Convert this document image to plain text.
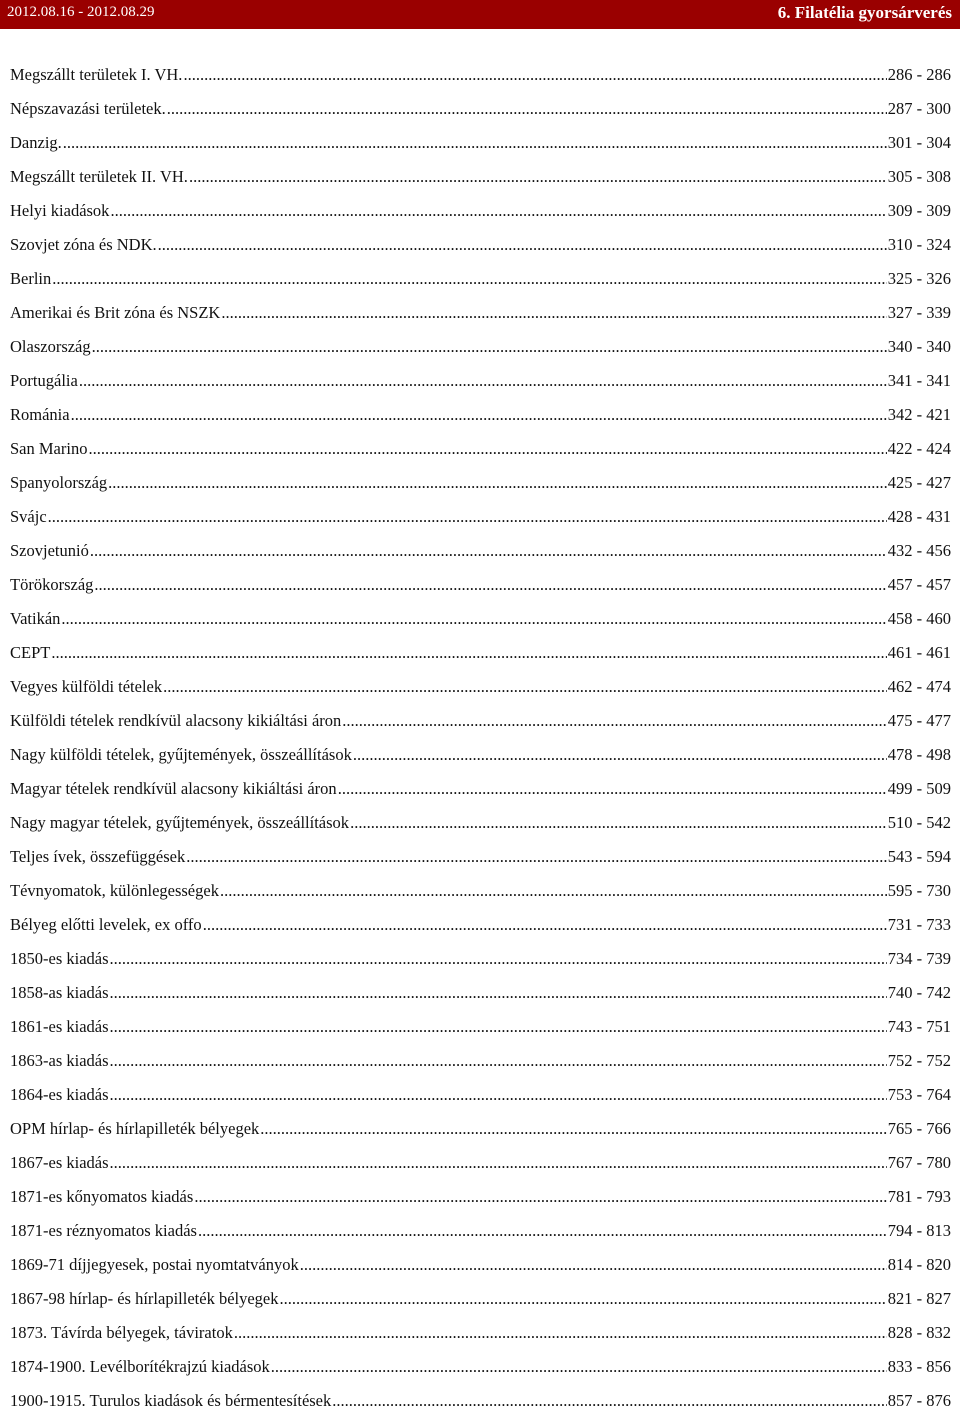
2012.08.16 - 2012.08.29	6. Filatélia gyorsárverés
Megszállt területek I. VH. .....	286 - 286
Népszavazási területek. .....	287 - 300
Danzig. .....	301 - 304
Megszállt területek II. VH. .....	305 - 308
Helyi kiadások .....	309 - 309
Szovjet zóna és NDK. .....	310 - 324
Berlin .....	325 - 326
Amerikai és Brit zóna és NSZK .....	327 - 339
Olaszország .....	340 - 340
Portugália .....	341 - 341
Románia .....	342 - 421
San Marino .....	422 - 424
Spanyolország .....	425 - 427
Svájc .....	428 - 431
Szovjetunió .....	432 - 456
Törökország .....	457 - 457
Vatikán .....	458 - 460
CEPT .....	461 - 461
Vegyes külföldi tételek .....	462 - 474
Külföldi tételek rendkívül alacsony kikiáltási áron .....	475 - 477
Nagy külföldi tételek, gyűjtemények, összeállítások .....	478 - 498
Magyar tételek rendkívül alacsony kikiáltási áron .....	499 - 509
Nagy magyar tételek, gyűjtemények, összeállítások .....	510 - 542
Teljes ívek, összefüggések .....	543 - 594
Tévnyomatok, különlegességek .....	595 - 730
Bélyeg előtti levelek, ex offo .....	731 - 733
1850-es kiadás .....	734 - 739
1858-as kiadás .....	740 - 742
1861-es kiadás .....	743 - 751
1863-as kiadás .....	752 - 752
1864-es kiadás .....	753 - 764
OPM hírlap- és hírlapilleték bélyegek .....	765 - 766
1867-es kiadás .....	767 - 780
1871-es kőnyomatos kiadás .....	781 - 793
1871-es réznyomatos kiadás .....	794 - 813
1869-71 díjjegyesek, postai nyomtatványok .....	814 - 820
1867-98 hírlap- és hírlapilleték bélyegek .....	821 - 827
1873. Távírda bélyegek, táviratok .....	828 - 832
1874-1900. Levélborítékrajzú kiadások .....	833 - 856
1900-1915. Turulos kiadások és bérmentesítések .....	857 - 876
